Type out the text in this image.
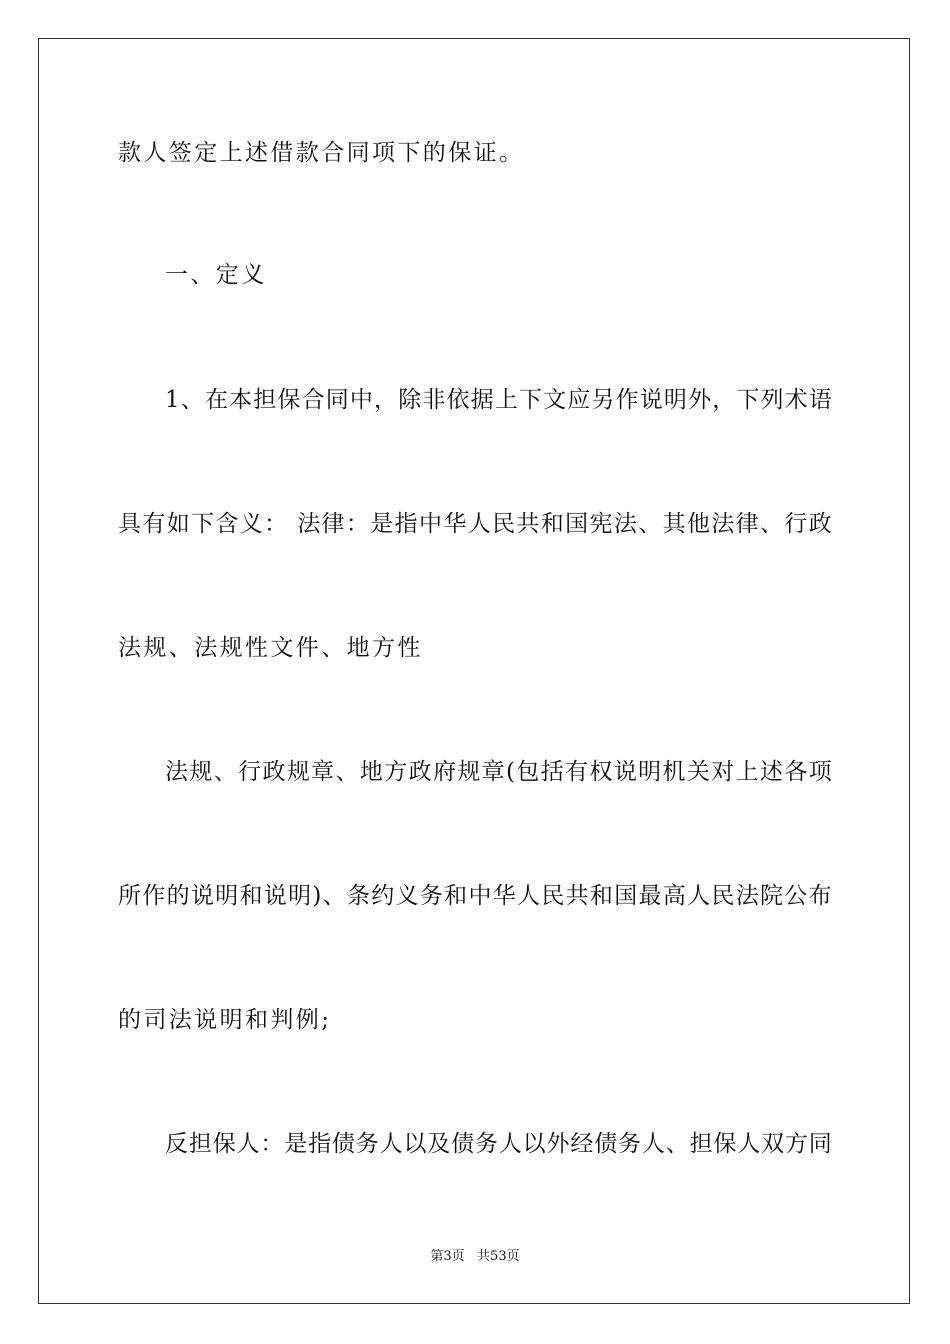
款人签定上述借款合同项下的保证。
一、定义
1 、 在 本 担 保 合 同 中 ， 除 非 依 据 上 下 文 应 另 作 说 明 外 ， 下 列 术 语
具 有 如 下 含 义 ：
法 律 ： 是 指 中 华 人 民 共 和 国 宪 法 、 其 他 法 律 、 行 政
法规、法规性文件、地方性
法 规 、 行 政 规 章 、 地 方 政 府 规 章 ( 包 括 有 权 说 明 机 关 对 上 述 各 项
所 作 的 说 明 和 说 明 ) 、 条 约 义 务 和 中 华 人 民 共 和 国 最 高 人 民 法 院 公 布
的司法说明和判例;
反 担 保 人 ： 是 指 债 务 人 以 及 债 务 人 以 外 经 债 务 人 、 担 保 人 双 方 同
第3页   共53页
